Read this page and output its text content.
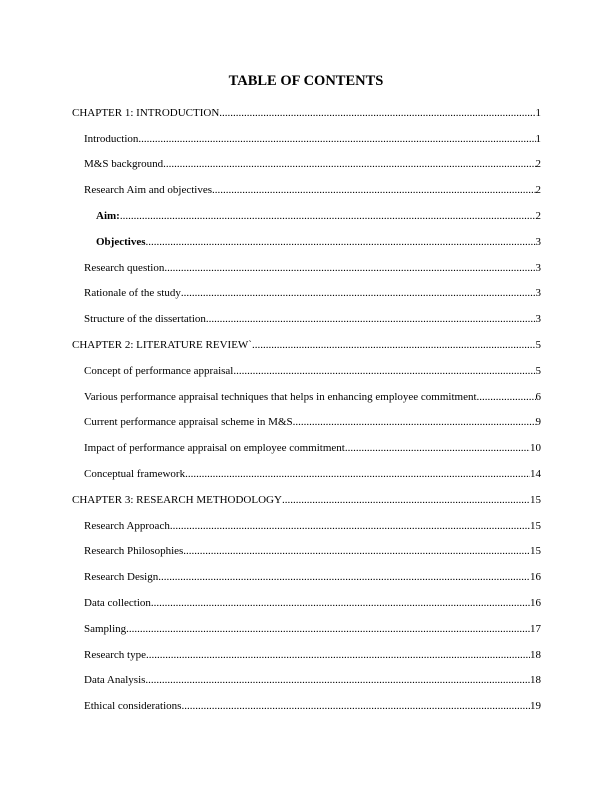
TABLE OF CONTENTS
CHAPTER 1: INTRODUCTION .....	1
Introduction .....	1
M&S background .....	2
Research Aim and objectives .....	2
Aim: .....	2
Objectives .....	3
Research question .....	3
Rationale of the study .....	3
Structure of the dissertation .....	3
CHAPTER 2: LITERATURE REVIEW` .....	5
Concept of performance appraisal .....	5
Various performance appraisal techniques that helps in enhancing employee commitment .....	6
Current performance appraisal scheme in M&S .....	9
Impact of performance appraisal on employee commitment .....	10
Conceptual framework .....	14
CHAPTER 3: RESEARCH METHODOLOGY .....	15
Research Approach .....	15
Research Philosophies .....	15
Research Design .....	16
Data collection .....	16
Sampling .....	17
Research type .....	18
Data Analysis .....	18
Ethical considerations .....	19
